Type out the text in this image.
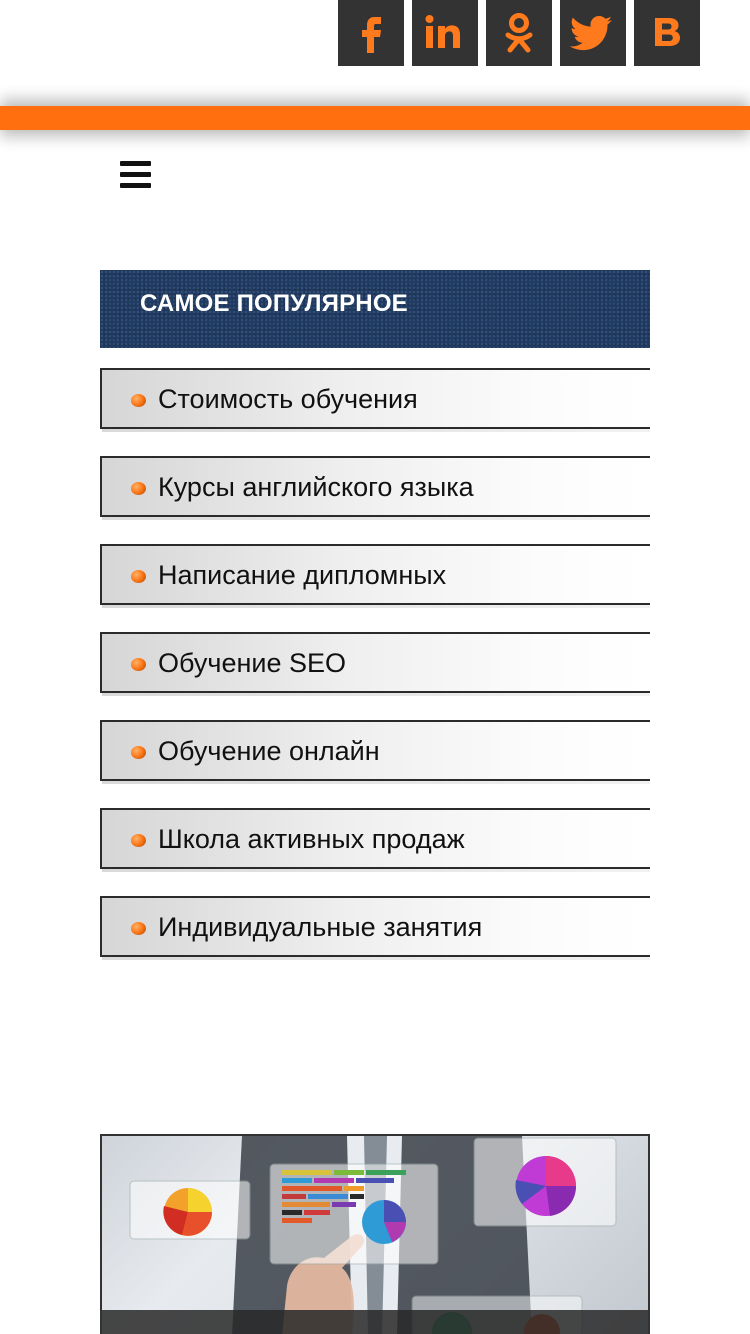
САМОЕ ПОПУЛЯРНОЕ
Стоимость обучения
Курсы английского языка
Написание дипломных
Обучение SEO
Обучение онлайн
Школа активных продаж
Индивидуальные занятия
